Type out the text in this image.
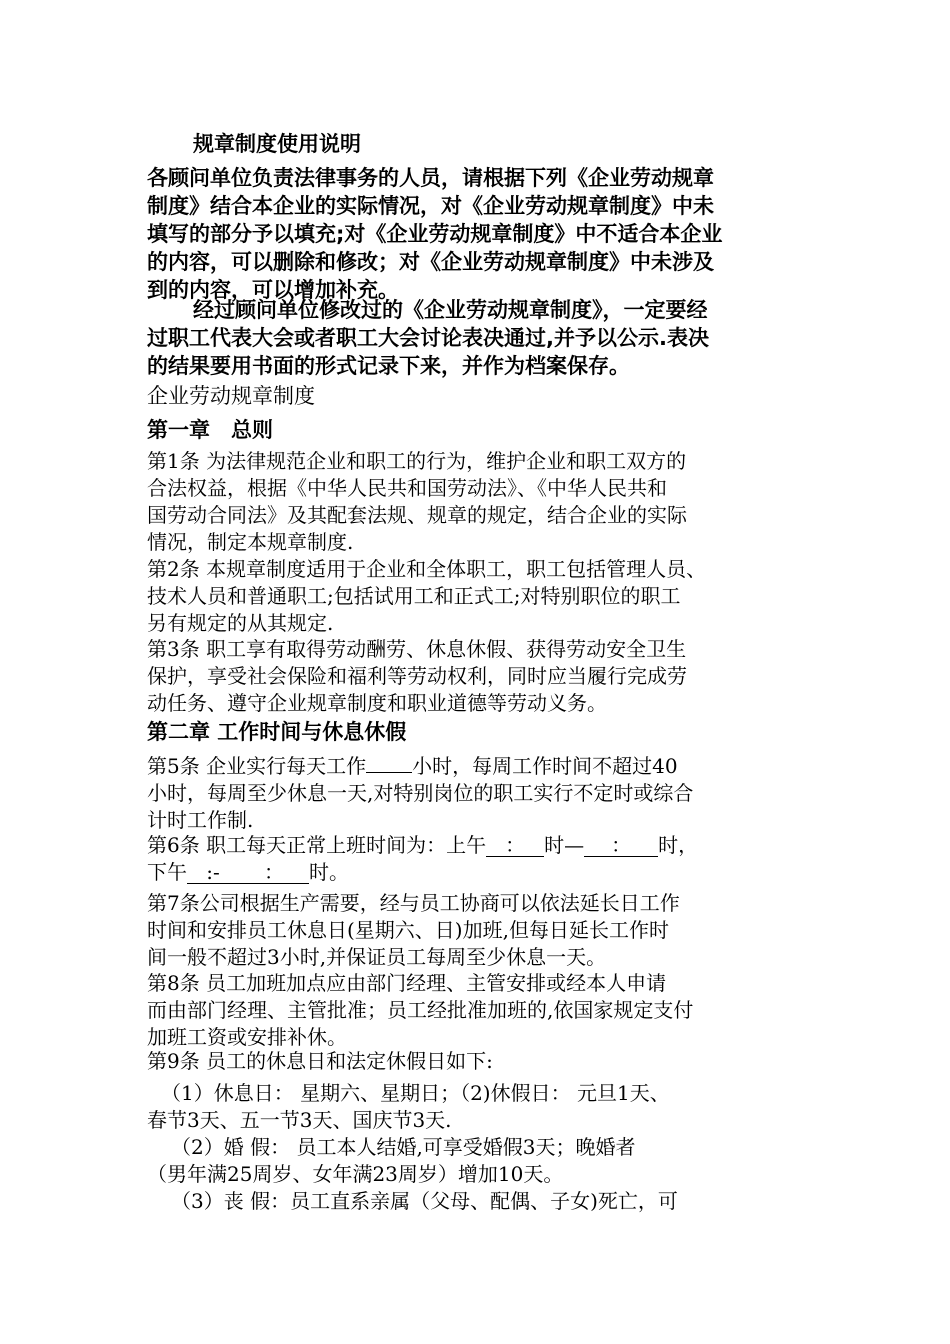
规章制度使用说明
各顾问单位负责法律事务的人员，请根据下列《企业劳动规章
制度》结合本企业的实际情况，对《企业劳动规章制度》中未
填写的部分予以填充;对《企业劳动规章制度》中不适合本企业
的内容，可以删除和修改；对《企业劳动规章制度》中未涉及
到的内容，可以增加补充。
经过顾问单位修改过的《企业劳动规章制度》，一定要经
过职工代表大会或者职工大会讨论表决通过,并予以公示.表决
的结果要用书面的形式记录下来，并作为档案保存。
企业劳动规章制度
第一章　总则
第1条 为法律规范企业和职工的行为，维护企业和职工双方的
合法权益，根据《中华人民共和国劳动法》、《中华人民共和
国劳动合同法》及其配套法规、规章的规定，结合企业的实际
情况，制定本规章制度.
第2条 本规章制度适用于企业和全体职工，职工包括管理人员、
技术人员和普通职工;包括试用工和正式工;对特别职位的职工
另有规定的从其规定.
第3条 职工享有取得劳动酬劳、休息休假、获得劳动安全卫生
保护，享受社会保险和福利等劳动权利，同时应当履行完成劳
动任务、遵守企业规章制度和职业道德等劳动义务。
第二章 工作时间与休息休假
第5条 企业实行每天工作 小时，每周工作时间不超过40
小时，每周至少休息一天,对特别岗位的职工实行不定时或综合
计时工作制.
第6条 职工每天正常上班时间为：上午 ： 时— ： 时，
下午 :- ： 时。
第7条公司根据生产需要，经与员工协商可以依法延长日工作
时间和安排员工休息日(星期六、日)加班,但每日延长工作时
间一般不超过3小时,并保证员工每周至少休息一天。
第8条 员工加班加点应由部门经理、主管安排或经本人申请
而由部门经理、主管批准；员工经批准加班的,依国家规定支付
加班工资或安排补休。
第9条 员工的休息日和法定休假日如下:
（1）休息日： 星期六、星期日；（2)休假日： 元旦1天、
春节3天、五一节3天、国庆节3天.
（2）婚 假： 员工本人结婚,可享受婚假3天；晚婚者
（男年满25周岁、女年满23周岁）增加10天。
（3）丧 假：员工直系亲属（父母、配偶、子女)死亡，可
